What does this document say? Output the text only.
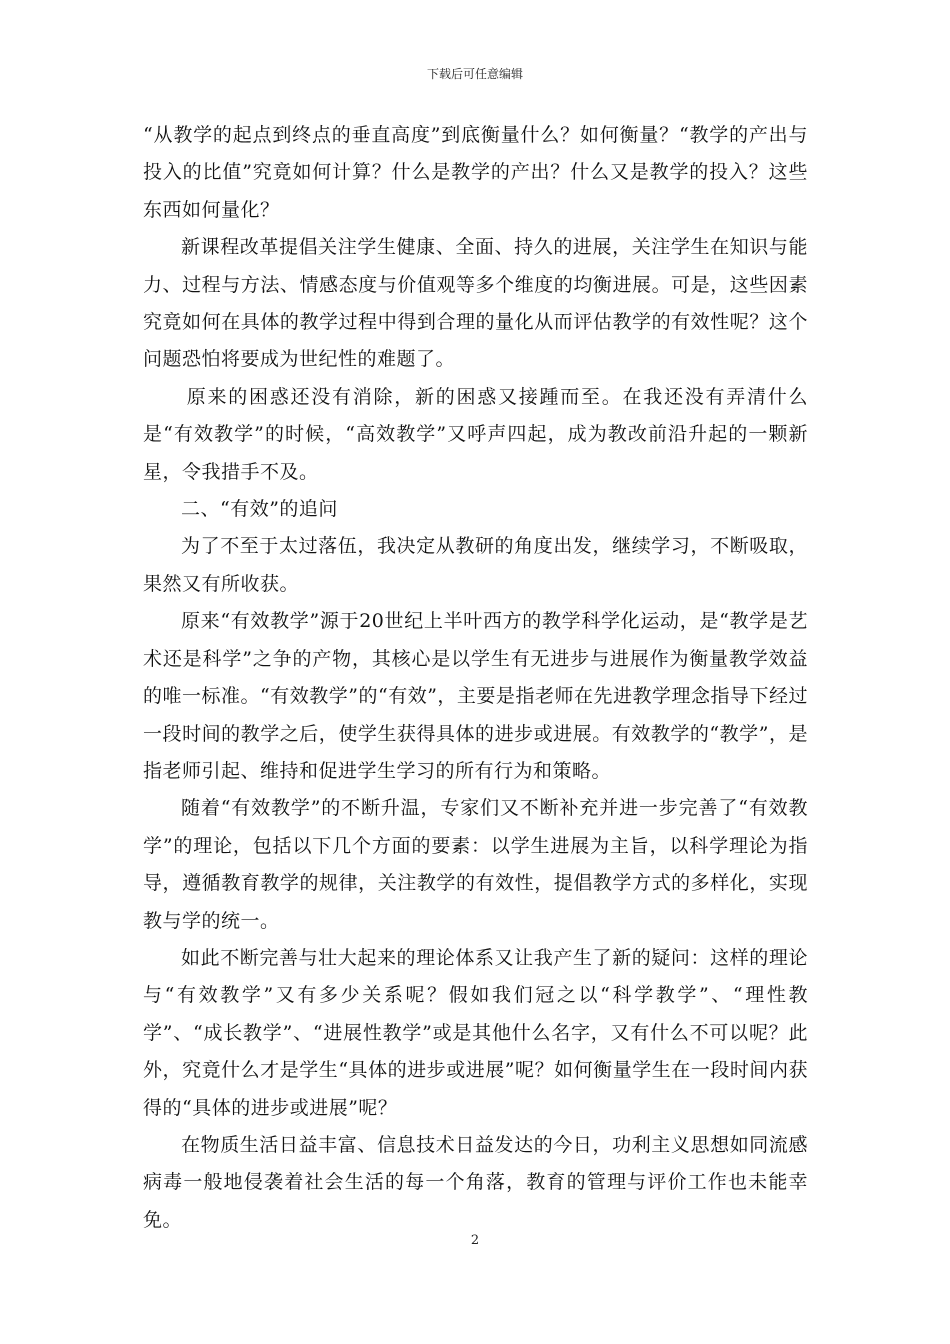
下载后可任意编辑

“从教学的起点到终点的垂直高度”到底衡量什么？如何衡量？“教学的产出与投入的比值”究竟如何计算？什么是教学的产出？什么又是教学的投入？这些东西如何量化？

新课程改革提倡关注学生健康、全面、持久的进展，关注学生在知识与能力、过程与方法、情感态度与价值观等多个维度的均衡进展。可是，这些因素究竟如何在具体的教学过程中得到合理的量化从而评估教学的有效性呢？这个问题恐怕将要成为世纪性的难题了。

原来的困惑还没有消除，新的困惑又接踵而至。在我还没有弄清什么是“有效教学”的时候，“高效教学”又呼声四起，成为教改前沿升起的一颗新星，令我措手不及。

二、“有效”的追问

为了不至于太过落伍，我决定从教研的角度出发，继续学习，不断吸取，果然又有所收获。

原来“有效教学”源于20世纪上半叶西方的教学科学化运动，是“教学是艺术还是科学”之争的产物，其核心是以学生有无进步与进展作为衡量教学效益的唯一标准。“有效教学”的“有效”，主要是指老师在先进教学理念指导下经过一段时间的教学之后，使学生获得具体的进步或进展。有效教学的“教学”，是指老师引起、维持和促进学生学习的所有行为和策略。

随着“有效教学”的不断升温，专家们又不断补充并进一步完善了“有效教学”的理论，包括以下几个方面的要素：以学生进展为主旨，以科学理论为指导，遵循教育教学的规律，关注教学的有效性，提倡教学方式的多样化，实现教与学的统一。

如此不断完善与壮大起来的理论体系又让我产生了新的疑问：这样的理论与“有效教学”又有多少关系呢？假如我们冠之以“科学教学”、“理性教学”、“成长教学”、“进展性教学”或是其他什么名字，又有什么不可以呢？此外，究竟什么才是学生“具体的进步或进展”呢？如何衡量学生在一段时间内获得的“具体的进步或进展”呢？

在物质生活日益丰富、信息技术日益发达的今日，功利主义思想如同流感病毒一般地侵袭着社会生活的每一个角落，教育的管理与评价工作也未能幸免。

2
